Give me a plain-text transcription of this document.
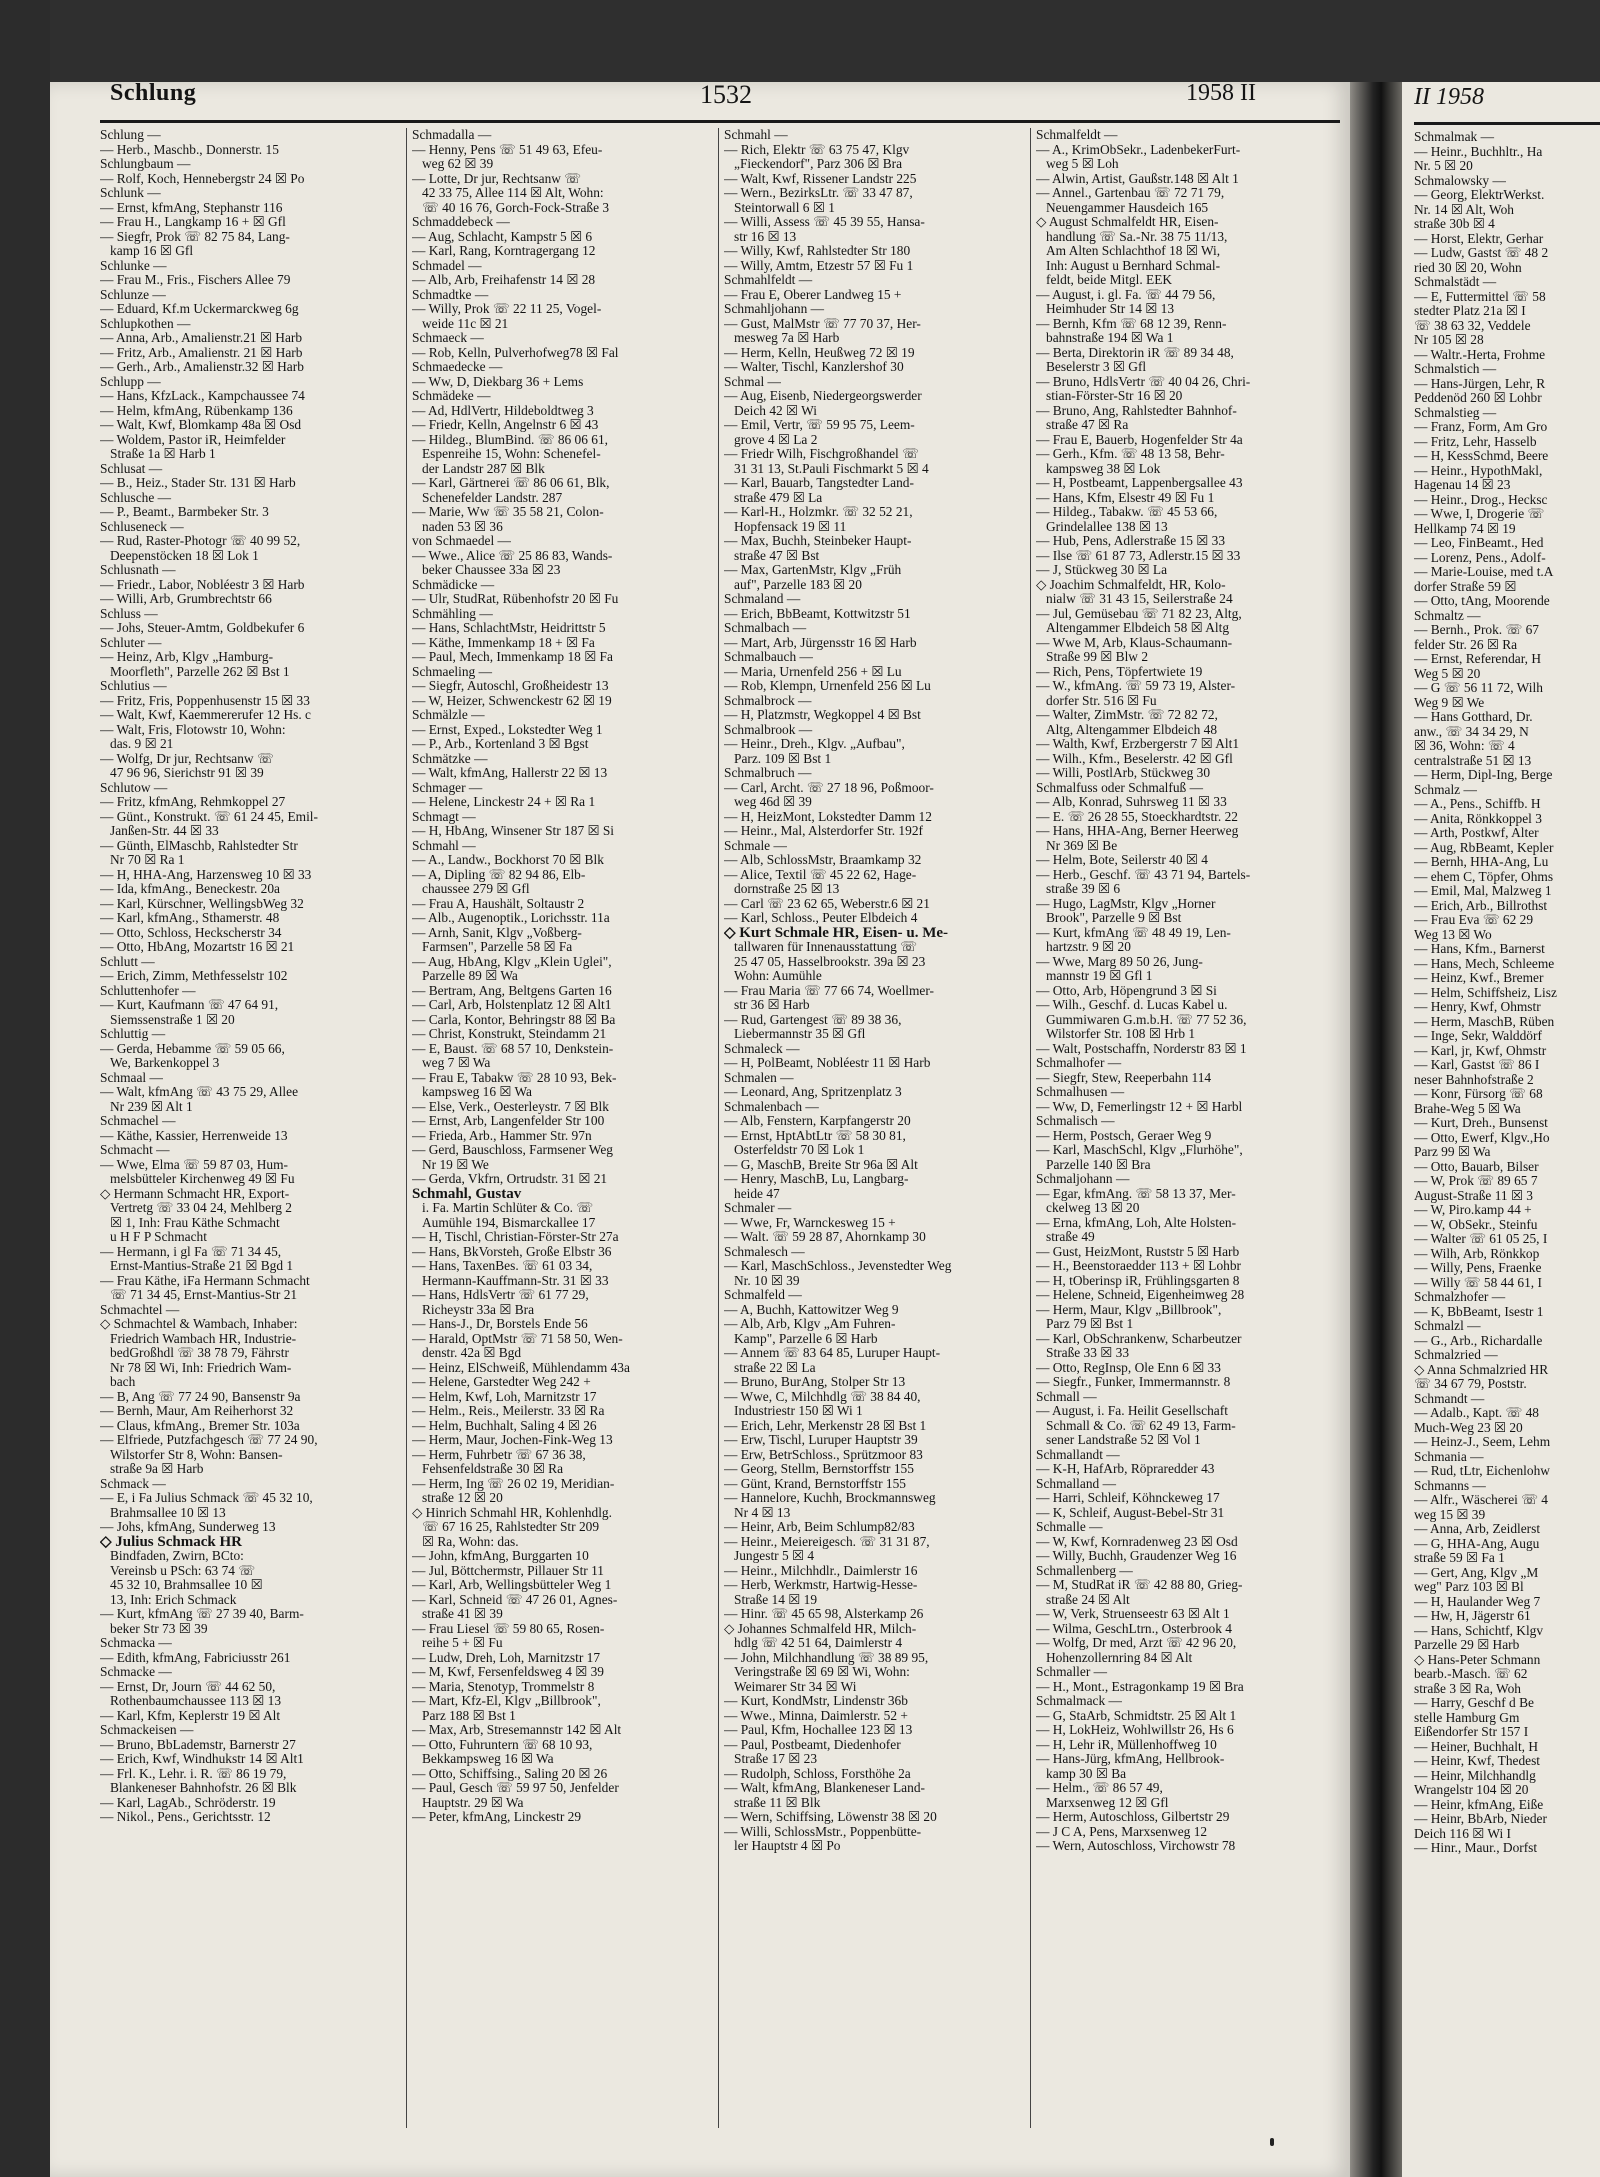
Schlung	1532	1958 II
Schlung —
— Herb., Maschb., Donnerstr. 15
Schlungbaum —
— Rolf, Koch, Hennebergstr 24 ☒ Po
Schlunk —
— Ernst, kfmAng, Stephanstr 116
— Frau H., Langkamp 16 + ☒ Gfl
— Siegfr, Prok ☏ 82 75 84, Lang-
kamp 16 ☒ Gfl
Schlunke —
— Frau M., Fris., Fischers Allee 79
Schlunze —
— Eduard, Kf.m Uckermarckweg 6g
Schlupkothen —
— Anna, Arb., Amalienstr.21 ☒ Harb
— Fritz, Arb., Amalienstr. 21 ☒ Harb
— Gerh., Arb., Amalienstr.32 ☒ Harb
Schlupp —
— Hans, KfzLack., Kampchaussee 74
— Helm, kfmAng, Rübenkamp 136
— Walt, Kwf, Blomkamp 48a ☒ Osd
— Woldem, Pastor iR, Heimfelder
Straße 1a ☒ Harb 1
Schlusat —
— B., Heiz., Stader Str. 131 ☒ Harb
Schlusche —
— P., Beamt., Barmbeker Str. 3
Schluseneck —
— Rud, Raster-Photogr ☏ 40 99 52,
Deepenstöcken 18 ☒ Lok 1
Schlusnath —
— Friedr., Labor, Nobléestr 3 ☒ Harb
— Willi, Arb, Grumbrechtstr 66
Schluss —
— Johs, Steuer-Amtm, Goldbekufer 6
Schluter —
— Heinz, Arb, Klgv „Hamburg-
Moorfleth", Parzelle 262 ☒ Bst 1
Schlutius —
— Fritz, Fris, Poppenhusenstr 15 ☒ 33
— Walt, Kwf, Kaemmererufer 12 Hs. c
— Walt, Fris, Flotowstr 10, Wohn:
das. 9 ☒ 21
— Wolfg, Dr jur, Rechtsanw ☏
47 96 96, Sierichstr 91 ☒ 39
Schlutow —
— Fritz, kfmAng, Rehmkoppel 27
— Günt., Konstrukt. ☏ 61 24 45, Emil-
Janßen-Str. 44 ☒ 33
— Günth, ElMaschb, Rahlstedter Str
Nr 70 ☒ Ra 1
— H, HHA-Ang, Harzensweg 10 ☒ 33
— Ida, kfmAng., Beneckestr. 20a
— Karl, Kürschner, WellingsbWeg 32
— Karl, kfmAng., Sthamerstr. 48
— Otto, Schloss, Heckscherstr 34
— Otto, HbAng, Mozartstr 16 ☒ 21
Schlutt —
— Erich, Zimm, Methfesselstr 102
Schluttenhofer —
— Kurt, Kaufmann ☏ 47 64 91,
Siemssenstraße 1 ☒ 20
Schluttig —
— Gerda, Hebamme ☏ 59 05 66,
We, Barkenkoppel 3
Schmaal —
— Walt, kfmAng ☏ 43 75 29, Allee
Nr 239 ☒ Alt 1
Schmachel —
— Käthe, Kassier, Herrenweide 13
Schmacht —
— Wwe, Elma ☏ 59 87 03, Hum-
melsbütteler Kirchenweg 49 ☒ Fu
◇ Hermann Schmacht HR, Export-
Vertretg ☏ 33 04 24, Mehlberg 2
☒ 1, Inh: Frau Käthe Schmacht
u H F P Schmacht
— Hermann, i gl Fa ☏ 71 34 45,
Ernst-Mantius-Straße 21 ☒ Bgd 1
— Frau Käthe, iFa Hermann Schmacht
☏ 71 34 45, Ernst-Mantius-Str 21
Schmachtel —
◇ Schmachtel & Wambach, Inhaber:
Friedrich Wambach HR, Industrie-
bedGroßhdl ☏ 38 78 79, Fährstr
Nr 78 ☒ Wi, Inh: Friedrich Wam-
bach
— B, Ang ☏ 77 24 90, Bansenstr 9a
— Bernh, Maur, Am Reiherhorst 32
— Claus, kfmAng., Bremer Str. 103a
— Elfriede, Putzfachgesch ☏ 77 24 90,
Wilstorfer Str 8, Wohn: Bansen-
straße 9a ☒ Harb
Schmack —
— E, i Fa Julius Schmack ☏ 45 32 10,
Brahmsallee 10 ☒ 13
— Johs, kfmAng, Sunderweg 13
◇ Julius Schmack HR
Bindfaden, Zwirn, BCto:
Vereinsb u PSch: 63 74 ☏
45 32 10, Brahmsallee 10 ☒
13, Inh: Erich Schmack
— Kurt, kfmAng ☏ 27 39 40, Barm-
beker Str 73 ☒ 39
Schmacka —
— Edith, kfmAng, Fabriciusstr 261
Schmacke —
— Ernst, Dr, Journ ☏ 44 62 50,
Rothenbaumchaussee 113 ☒ 13
— Karl, Kfm, Keplerstr 19 ☒ Alt
Schmackeisen —
— Bruno, BbLademstr, Barnerstr 27
— Erich, Kwf, Windhukstr 14 ☒ Alt1
— Frl. K., Lehr. i. R. ☏ 86 19 79,
Blankeneser Bahnhofstr. 26 ☒ Blk
— Karl, LagAb., Schröderstr. 19
— Nikol., Pens., Gerichtsstr. 12
Schmadalla —
— Henny, Pens ☏ 51 49 63, Efeu-
weg 62 ☒ 39
— Lotte, Dr jur, Rechtsanw ☏
42 33 75, Allee 114 ☒ Alt, Wohn:
☏ 40 16 76, Gorch-Fock-Straße 3
Schmaddebeck —
— Aug, Schlacht, Kampstr 5 ☒ 6
— Karl, Rang, Korntragergang 12
Schmadel —
— Alb, Arb, Freihafenstr 14 ☒ 28
Schmadtke —
— Willy, Prok ☏ 22 11 25, Vogel-
weide 11c ☒ 21
Schmaeck —
— Rob, Kelln, Pulverhofweg78 ☒ Fal
Schmaedecke —
— Ww, D, Diekbarg 36 + Lems
Schmädeke —
— Ad, HdlVertr, Hildeboldtweg 3
— Friedr, Kelln, Angelnstr 6 ☒ 43
— Hildeg., BlumBind. ☏ 86 06 61,
Espenreihe 15, Wohn: Schenefel-
der Landstr 287 ☒ Blk
— Karl, Gärtnerei ☏ 86 06 61, Blk,
Schenefelder Landstr. 287
— Marie, Ww ☏ 35 58 21, Colon-
naden 53 ☒ 36
von Schmaedel —
— Wwe., Alice ☏ 25 86 83, Wands-
beker Chaussee 33a ☒ 23
Schmädicke —
— Ulr, StudRat, Rübenhofstr 20 ☒ Fu
Schmähling —
— Hans, SchlachtMstr, Heidrittstr 5
— Käthe, Immenkamp 18 + ☒ Fa
— Paul, Mech, Immenkamp 18 ☒ Fa
Schmaeling —
— Siegfr, Autoschl, Großheidestr 13
— W, Heizer, Schwenckestr 62 ☒ 19
Schmälzle —
— Ernst, Exped., Lokstedter Weg 1
— P., Arb., Kortenland 3 ☒ Bgst
Schmätzke —
— Walt, kfmAng, Hallerstr 22 ☒ 13
Schmager —
— Helene, Linckestr 24 + ☒ Ra 1
Schmagt —
— H, HbAng, Winsener Str 187 ☒ Si
Schmahl —
— A., Landw., Bockhorst 70 ☒ Blk
— A, Dipling ☏ 82 94 86, Elb-
chaussee 279 ☒ Gfl
— Frau A, Haushält, Soltaustr 2
— Alb., Augenoptik., Lorichsstr. 11a
— Arnh, Sanit, Klgv „Voßberg-
Farmsen", Parzelle 58 ☒ Fa
— Aug, HbAng, Klgv „Klein Uglei",
Parzelle 89 ☒ Wa
— Bertram, Ang, Beltgens Garten 16
— Carl, Arb, Holstenplatz 12 ☒ Alt1
— Carla, Kontor, Behringstr 88 ☒ Ba
— Christ, Konstrukt, Steindamm 21
— E, Baust. ☏ 68 57 10, Denkstein-
weg 7 ☒ Wa
— Frau E, Tabakw ☏ 28 10 93, Bek-
kampsweg 16 ☒ Wa
— Else, Verk., Oesterleystr. 7 ☒ Blk
— Ernst, Arb, Langenfelder Str 100
— Frieda, Arb., Hammer Str. 97n
— Gerd, Bauschloss, Farmsener Weg
Nr 19 ☒ We
— Gerda, Vkfrn, Ortrudstr. 31 ☒ 21
Schmahl, Gustav
i. Fa. Martin Schlüter & Co. ☏
Aumühle 194, Bismarckallee 17
— H, Tischl, Christian-Förster-Str 27a
— Hans, BkVorsteh, Große Elbstr 36
— Hans, TaxenBes. ☏ 61 03 34,
Hermann-Kauffmann-Str. 31 ☒ 33
— Hans, HdlsVertr ☏ 61 77 29,
Richeystr 33a ☒ Bra
— Hans-J., Dr, Borstels Ende 56
— Harald, OptMstr ☏ 71 58 50, Wen-
denstr. 42a ☒ Bgd
— Heinz, ElSchweiß, Mühlendamm 43a
— Helene, Garstedter Weg 242 +
— Helm, Kwf, Loh, Marnitzstr 17
— Helm., Reis., Meilerstr. 33 ☒ Ra
— Helm, Buchhalt, Saling 4 ☒ 26
— Herm, Maur, Jochen-Fink-Weg 13
— Herm, Fuhrbetr ☏ 67 36 38,
Fehsenfeldstraße 30 ☒ Ra
— Herm, Ing ☏ 26 02 19, Meridian-
straße 12 ☒ 20
◇ Hinrich Schmahl HR, Kohlenhdlg.
☏ 67 16 25, Rahlstedter Str 209
☒ Ra, Wohn: das.
— John, kfmAng, Burggarten 10
— Jul, Böttchermstr, Pillauer Str 11
— Karl, Arb, Wellingsbütteler Weg 1
— Karl, Schneid ☏ 47 26 01, Agnes-
straße 41 ☒ 39
— Frau Liesel ☏ 59 80 65, Rosen-
reihe 5 + ☒ Fu
— Ludw, Dreh, Loh, Marnitzstr 17
— M, Kwf, Fersenfeldsweg 4 ☒ 39
— Maria, Stenotyp, Trommelstr 8
— Mart, Kfz-El, Klgv „Billbrook",
Parz 188 ☒ Bst 1
— Max, Arb, Stresemannstr 142 ☒ Alt
— Otto, Fuhruntern ☏ 68 10 93,
Bekkampsweg 16 ☒ Wa
— Otto, Schiffsing., Saling 20 ☒ 26
— Paul, Gesch ☏ 59 97 50, Jenfelder
Hauptstr. 29 ☒ Wa
— Peter, kfmAng, Linckestr 29
Schmahl —
— Rich, Elektr ☏ 63 75 47, Klgv
„Fieckendorf", Parz 306 ☒ Bra
— Walt, Kwf, Rissener Landstr 225
— Wern., BezirksLtr. ☏ 33 47 87,
Steintorwall 6 ☒ 1
— Willi, Assess ☏ 45 39 55, Hansa-
str 16 ☒ 13
— Willy, Kwf, Rahlstedter Str 180
— Willy, Amtm, Etzestr 57 ☒ Fu 1
Schmahlfeldt —
— Frau E, Oberer Landweg 15 +
Schmahljohann —
— Gust, MalMstr ☏ 77 70 37, Her-
mesweg 7a ☒ Harb
— Herm, Kelln, Heußweg 72 ☒ 19
— Walter, Tischl, Kanzlershof 30
Schmal —
— Aug, Eisenb, Niedergeorgswerder
Deich 42 ☒ Wi
— Emil, Vertr, ☏ 59 95 75, Leem-
grove 4 ☒ La 2
— Friedr Wilh, Fischgroßhandel ☏
31 31 13, St.Pauli Fischmarkt 5 ☒ 4
— Karl, Bauarb, Tangstedter Land-
straße 479 ☒ La
— Karl-H., Holzmkr. ☏ 32 52 21,
Hopfensack 19 ☒ 11
— Max, Buchh, Steinbeker Haupt-
straße 47 ☒ Bst
— Max, GartenMstr, Klgv „Früh
auf", Parzelle 183 ☒ 20
Schmaland —
— Erich, BbBeamt, Kottwitzstr 51
Schmalbach —
— Mart, Arb, Jürgensstr 16 ☒ Harb
Schmalbauch —
— Maria, Urnenfeld 256 + ☒ Lu
— Rob, Klempn, Urnenfeld 256 ☒ Lu
Schmalbrock —
— H, Platzmstr, Wegkoppel 4 ☒ Bst
Schmalbrook —
— Heinr., Dreh., Klgv. „Aufbau",
Parz. 109 ☒ Bst 1
Schmalbruch —
— Carl, Archt. ☏ 27 18 96, Poßmoor-
weg 46d ☒ 39
— H, HeizMont, Lokstedter Damm 12
— Heinr., Mal, Alsterdorfer Str. 192f
Schmale —
— Alb, SchlossMstr, Braamkamp 32
— Alice, Textil ☏ 45 22 62, Hage-
dornstraße 25 ☒ 13
— Carl ☏ 23 62 65, Weberstr.6 ☒ 21
— Karl, Schloss., Peuter Elbdeich 4
◇ Kurt Schmale HR, Eisen- u. Me-
tallwaren für Innenausstattung ☏
25 47 05, Hasselbrookstr. 39a ☒ 23
Wohn: Aumühle
— Frau Maria ☏ 77 66 74, Woellmer-
str 36 ☒ Harb
— Rud, Gartengest ☏ 89 38 36,
Liebermannstr 35 ☒ Gfl
Schmaleck —
— H, PolBeamt, Nobléestr 11 ☒ Harb
Schmalen —
— Leonard, Ang, Spritzenplatz 3
Schmalenbach —
— Alb, Fenstern, Karpfangerstr 20
— Ernst, HptAbtLtr ☏ 58 30 81,
Osterfeldstr 70 ☒ Lok 1
— G, MaschB, Breite Str 96a ☒ Alt
— Henry, MaschB, Lu, Langbarg-
heide 47
Schmaler —
— Wwe, Fr, Warnckesweg 15 +
— Walt. ☏ 59 28 87, Ahornkamp 30
Schmalesch —
— Karl, MaschSchloss., Jevenstedter Weg
Nr. 10 ☒ 39
Schmalfeld —
— A, Buchh, Kattowitzer Weg 9
— Alb, Arb, Klgv „Am Fuhren-
Kamp", Parzelle 6 ☒ Harb
— Annem ☏ 83 64 85, Luruper Haupt-
straße 22 ☒ La
— Bruno, BurAng, Stolper Str 13
— Wwe, C, Milchhdlg ☏ 38 84 40,
Industriestr 150 ☒ Wi 1
— Erich, Lehr, Merkenstr 28 ☒ Bst 1
— Erw, Tischl, Luruper Hauptstr 39
— Erw, BetrSchloss., Sprützmoor 83
— Georg, Stellm, Bernstorffstr 155
— Günt, Krand, Bernstorffstr 155
— Hannelore, Kuchh, Brockmannsweg
Nr 4 ☒ 13
— Heinr, Arb, Beim Schlump82/83
— Heinr., Meiereigesch. ☏ 31 31 87,
Jungestr 5 ☒ 4
— Heinr., Milchhdlr., Daimlerstr 16
— Herb, Werkmstr, Hartwig-Hesse-
Straße 14 ☒ 19
— Hinr. ☏ 45 65 98, Alsterkamp 26
◇ Johannes Schmalfeld HR, Milch-
hdlg ☏ 42 51 64, Daimlerstr 4
— John, Milchhandlung ☏ 38 89 95,
Veringstraße ☒ 69 ☒ Wi, Wohn:
Weimarer Str 34 ☒ Wi
— Kurt, KondMstr, Lindenstr 36b
— Wwe., Minna, Daimlerstr. 52 +
— Paul, Kfm, Hochallee 123 ☒ 13
— Paul, Postbeamt, Diedenhofer
Straße 17 ☒ 23
— Rudolph, Schloss, Forsthöhe 2a
— Walt, kfmAng, Blankeneser Land-
straße 11 ☒ Blk
— Wern, Schiffsing, Löwenstr 38 ☒ 20
— Willi, SchlossMstr., Poppenbütte-
ler Hauptstr 4 ☒ Po
Schmalfeldt —
— A., KrimObSekr., LadenbekerFurt-
weg 5 ☒ Loh
— Alwin, Artist, Gaußstr.148 ☒ Alt 1
— Annel., Gartenbau ☏ 72 71 79,
Neuengammer Hausdeich 165
◇ August Schmalfeldt HR, Eisen-
handlung ☏ Sa.-Nr. 38 75 11/13,
Am Alten Schlachthof 18 ☒ Wi,
Inh: August u Bernhard Schmal-
feldt, beide Mitgl. EEK
— August, i. gl. Fa. ☏ 44 79 56,
Heimhuder Str 14 ☒ 13
— Bernh, Kfm ☏ 68 12 39, Renn-
bahnstraße 194 ☒ Wa 1
— Berta, Direktorin iR ☏ 89 34 48,
Beselerstr 3 ☒ Gfl
— Bruno, HdlsVertr ☏ 40 04 26, Chri-
stian-Förster-Str 16 ☒ 20
— Bruno, Ang, Rahlstedter Bahnhof-
straße 47 ☒ Ra
— Frau E, Bauerb, Hogenfelder Str 4a
— Gerh., Kfm. ☏ 48 13 58, Behr-
kampsweg 38 ☒ Lok
— H, Postbeamt, Lappenbergsallee 43
— Hans, Kfm, Elsestr 49 ☒ Fu 1
— Hildeg., Tabakw. ☏ 45 53 66,
Grindelallee 138 ☒ 13
— Hub, Pens, Adlerstraße 15 ☒ 33
— Ilse ☏ 61 87 73, Adlerstr.15 ☒ 33
— J, Stückweg 30 ☒ La
◇ Joachim Schmalfeldt, HR, Kolo-
nialw ☏ 31 43 15, Seilerstraße 24
— Jul, Gemüsebau ☏ 71 82 23, Altg,
Altengammer Elbdeich 58 ☒ Altg
— Wwe M, Arb, Klaus-Schaumann-
Straße 99 ☒ Blw 2
— Rich, Pens, Töpfertwiete 19
— W., kfmAng. ☏ 59 73 19, Alster-
dorfer Str. 516 ☒ Fu
— Walter, ZimMstr. ☏ 72 82 72,
Altg, Altengammer Elbdeich 48
— Walth, Kwf, Erzbergerstr 7 ☒ Alt1
— Wilh., Kfm., Beselerstr. 42 ☒ Gfl
— Willi, PostlArb, Stückweg 30
Schmalfuss oder Schmalfuß —
— Alb, Konrad, Suhrsweg 11 ☒ 33
— E. ☏ 26 28 55, Stoeckhardtstr. 22
— Hans, HHA-Ang, Berner Heerweg
Nr 369 ☒ Be
— Helm, Bote, Seilerstr 40 ☒ 4
— Herb., Geschf. ☏ 43 71 94, Bartels-
straße 39 ☒ 6
— Hugo, LagMstr, Klgv „Horner
Brook", Parzelle 9 ☒ Bst
— Kurt, kfmAng ☏ 48 49 19, Len-
hartzstr. 9 ☒ 20
— Wwe, Marg 89 50 26, Jung-
mannstr 19 ☒ Gfl 1
— Otto, Arb, Höpengrund 3 ☒ Si
— Wilh., Geschf. d. Lucas Kabel u.
Gummiwaren G.m.b.H. ☏ 77 52 36,
Wilstorfer Str. 108 ☒ Hrb 1
— Walt, Postschaffn, Norderstr 83 ☒ 1
Schmalhofer —
— Siegfr, Stew, Reeperbahn 114
Schmalhusen —
— Ww, D, Femerlingstr 12 + ☒ Harbl
Schmalisch —
— Herm, Postsch, Geraer Weg 9
— Karl, MaschSchl, Klgv „Flurhöhe",
Parzelle 140 ☒ Bra
Schmaljohann —
— Egar, kfmAng. ☏ 58 13 37, Mer-
ckelweg 13 ☒ 20
— Erna, kfmAng, Loh, Alte Holsten-
straße 49
— Gust, HeizMont, Ruststr 5 ☒ Harb
— H., Beenstoraedder 113 + ☒ Lohbr
— H, tOberinsp iR, Frühlingsgarten 8
— Helene, Schneid, Eigenheimweg 28
— Herm, Maur, Klgv „Billbrook",
Parz 79 ☒ Bst 1
— Karl, ObSchrankenw, Scharbeutzer
Straße 33 ☒ 33
— Otto, RegInsp, Ole Enn 6 ☒ 33
— Siegfr., Funker, Immermannstr. 8
Schmall —
— August, i. Fa. Heilit Gesellschaft
Schmall & Co. ☏ 62 49 13, Farm-
sener Landstraße 52 ☒ Vol 1
Schmallandt —
— K-H, HafArb, Röpraredder 43
Schmalland —
— Harri, Schleif, Köhnckeweg 17
— K, Schleif, August-Bebel-Str 31
Schmalle —
— W, Kwf, Kornradenweg 23 ☒ Osd
— Willy, Buchh, Graudenzer Weg 16
Schmallenberg —
— M, StudRat iR ☏ 42 88 80, Grieg-
straße 24 ☒ Alt
— W, Verk, Struenseestr 63 ☒ Alt 1
— Wilma, GeschLtrn., Osterbrook 4
— Wolfg, Dr med, Arzt ☏ 42 96 20,
Hohenzollernring 84 ☒ Alt
Schmaller —
— H., Mont., Estragonkamp 19 ☒ Bra
Schmalmack —
— G, StaArb, Schmidtstr. 25 ☒ Alt 1
— H, LokHeiz, Wohlwillstr 26, Hs 6
— H, Lehr iR, Müllenhoffweg 10
— Hans-Jürg, kfmAng, Hellbrook-
kamp 30 ☒ Ba
— Helm., ☏ 86 57 49,
Marxsenweg 12 ☒ Gfl
— Herm, Autoschloss, Gilbertstr 29
— J C A, Pens, Marxsenweg 12
— Wern, Autoschloss, Virchowstr 78
II 1958
Schmalmak —
— Heinr., Buchhltr., Ha
Nr. 5 ☒ 20
Schmalowsky —
— Georg, ElektrWerkst.
Nr. 14 ☒ Alt, Woh
straße 30b ☒ 4
— Horst, Elektr, Gerhar
— Ludw, Gastst ☏ 48 2
ried 30 ☒ 20, Wohn
Schmalstädt —
— E, Futtermittel ☏ 58
stedter Platz 21a ☒ I
☏ 38 63 32, Veddele
Nr 105 ☒ 28
— Waltr.-Herta, Frohme
Schmalstich —
— Hans-Jürgen, Lehr, R
Peddenöd 260 ☒ Lohbr
Schmalstieg —
— Franz, Form, Am Gro
— Fritz, Lehr, Hasselb
— H, KessSchmd, Beere
— Heinr., HypothMakl,
Hagenau 14 ☒ 23
— Heinr., Drog., Hecksc
— Wwe, I, Drogerie ☏
Hellkamp 74 ☒ 19
— Leo, FinBeamt., Hed
— Lorenz, Pens., Adolf-
— Marie-Louise, med t.A
dorfer Straße 59 ☒
— Otto, tAng, Moorende
Schmaltz —
— Bernh., Prok. ☏ 67
felder Str. 26 ☒ Ra
— Ernst, Referendar, H
Weg 5 ☒ 20
— G ☏ 56 11 72, Wilh
Weg 9 ☒ We
— Hans Gotthard, Dr.
anw., ☏ 34 34 29, N
☒ 36, Wohn: ☏ 4
centralstraße 51 ☒ 13
— Herm, Dipl-Ing, Berge
Schmalz —
— A., Pens., Schiffb. H
— Anita, Rönkkoppel 3
— Arth, Postkwf, Alter
— Aug, RbBeamt, Kepler
— Bernh, HHA-Ang, Lu
— ehem C, Töpfer, Ohms
— Emil, Mal, Malzweg 1
— Erich, Arb., Billrothst
— Frau Eva ☏ 62 29
Weg 13 ☒ Wo
— Hans, Kfm., Barnerst
— Hans, Mech, Schleeme
— Heinz, Kwf., Bremer
— Helm, Schiffsheiz, Lisz
— Henry, Kwf, Ohmstr
— Herm, MaschB, Rüben
— Inge, Sekr, Walddörf
— Karl, jr, Kwf, Ohmstr
— Karl, Gastst ☏ 86 I
neser Bahnhofstraße 2
— Konr, Fürsorg ☏ 68
Brahe-Weg 5 ☒ Wa
— Kurt, Dreh., Bunsenst
— Otto, Ewerf, Klgv.,Ho
Parz 99 ☒ Wa
— Otto, Bauarb, Bilser
— W, Prok ☏ 89 65 7
August-Straße 11 ☒ 3
— W, Piro.kamp 44 +
— W, ObSekr., Steinfu
— Walter ☏ 61 05 25, I
— Wilh, Arb, Rönkkop
— Willy, Pens, Fraenke
— Willy ☏ 58 44 61, I
Schmalzhofer —
— K, BbBeamt, Isestr 1
Schmalzl —
— G., Arb., Richardalle
Schmalzried —
◇ Anna Schmalzried HR
☏ 34 67 79, Poststr.
Schmandt —
— Adalb., Kapt. ☏ 48
Much-Weg 23 ☒ 20
— Heinz-J., Seem, Lehm
Schmania —
— Rud, tLtr, Eichenlohw
Schmanns —
— Alfr., Wäscherei ☏ 4
weg 15 ☒ 39
— Anna, Arb, Zeidlerst
— G, HHA-Ang, Augu
straße 59 ☒ Fa 1
— Gert, Ang, Klgv „M
weg" Parz 103 ☒ Bl
— H, Haulander Weg 7
— Hw, H, Jägerstr 61
— Hans, Schichtf, Klgv
Parzelle 29 ☒ Harb
◇ Hans-Peter Schmann
bearb.-Masch. ☏ 62
straße 3 ☒ Ra, Woh
— Harry, Geschf d Be
stelle Hamburg Gm
Eißendorfer Str 157 I
— Heiner, Buchhalt, H
— Heinr, Kwf, Thedest
— Heinr, Milchhandlg
Wrangelstr 104 ☒ 20
— Heinr, kfmAng, Eiße
— Heinr, BbArb, Nieder
Deich 116 ☒ Wi I
— Hinr., Maur., Dorfst
